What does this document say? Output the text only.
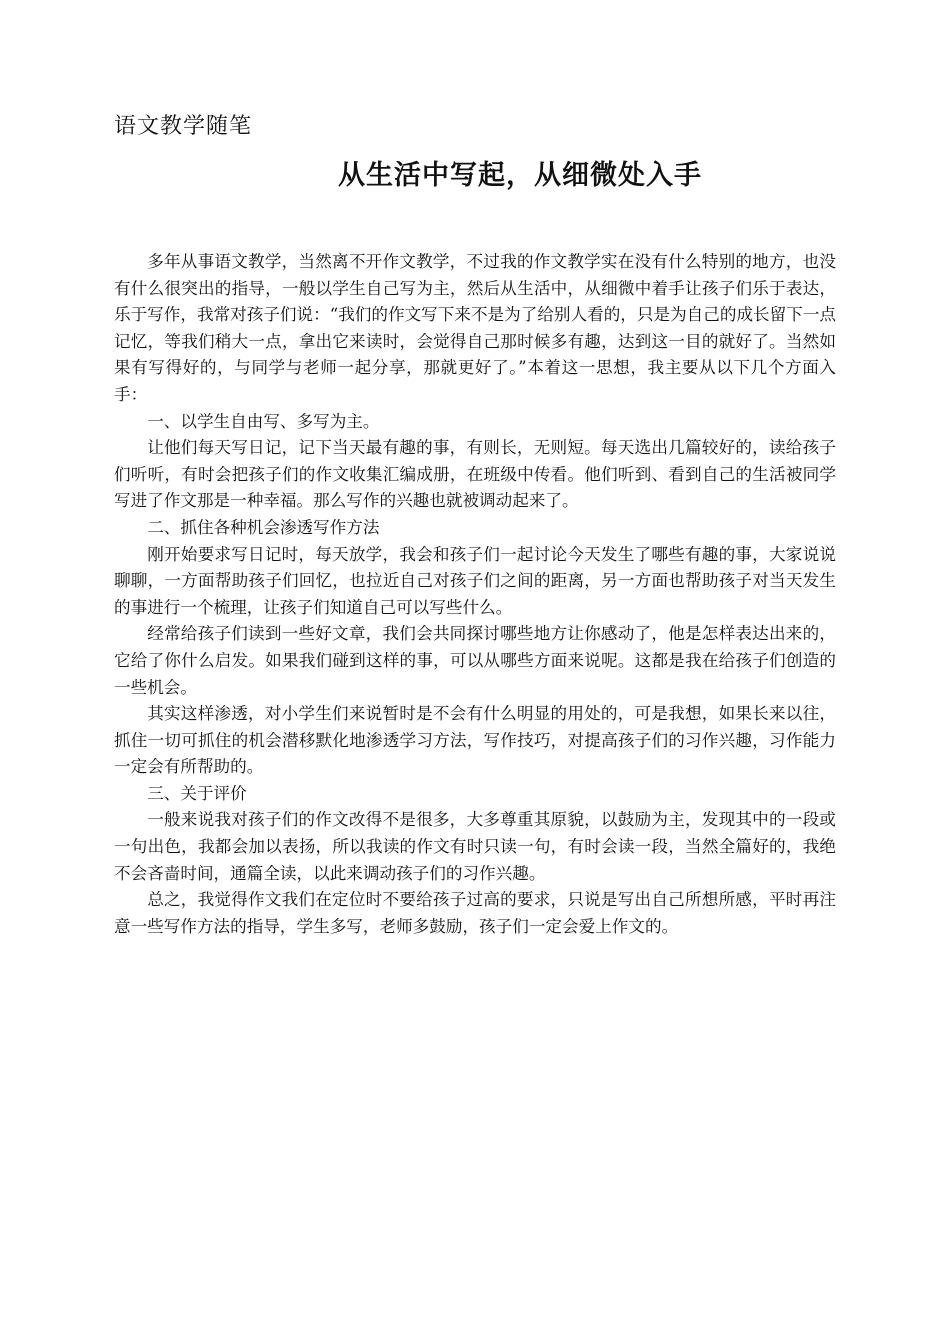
语文教学随笔
从生活中写起，从细微处入手

多年从事语文教学，当然离不开作文教学，不过我的作文教学实在没有什么特别的地方，也没有什么很突出的指导，一般以学生自己写为主，然后从生活中，从细微中着手让孩子们乐于表达，乐于写作，我常对孩子们说：“我们的作文写下来不是为了给别人看的，只是为自己的成长留下一点记忆，等我们稍大一点，拿出它来读时，会觉得自己那时候多有趣，达到这一目的就好了。当然如果有写得好的，与同学与老师一起分享，那就更好了。”本着这一思想，我主要从以下几个方面入手：

一、以学生自由写、多写为主。

让他们每天写日记，记下当天最有趣的事，有则长，无则短。每天选出几篇较好的，读给孩子们听听，有时会把孩子们的作文收集汇编成册，在班级中传看。他们听到、看到自己的生活被同学写进了作文那是一种幸福。那么写作的兴趣也就被调动起来了。

二、抓住各种机会渗透写作方法

刚开始要求写日记时，每天放学，我会和孩子们一起讨论今天发生了哪些有趣的事，大家说说聊聊，一方面帮助孩子们回忆，也拉近自己对孩子们之间的距离，另一方面也帮助孩子对当天发生的事进行一个梳理，让孩子们知道自己可以写些什么。

经常给孩子们读到一些好文章，我们会共同探讨哪些地方让你感动了，他是怎样表达出来的，它给了你什么启发。如果我们碰到这样的事，可以从哪些方面来说呢。这都是我在给孩子们创造的一些机会。

其实这样渗透，对小学生们来说暂时是不会有什么明显的用处的，可是我想，如果长来以往，抓住一切可抓住的机会潜移默化地渗透学习方法，写作技巧，对提高孩子们的习作兴趣，习作能力一定会有所帮助的。

三、关于评价

一般来说我对孩子们的作文改得不是很多，大多尊重其原貌，以鼓励为主，发现其中的一段或一句出色，我都会加以表扬，所以我读的作文有时只读一句，有时会读一段，当然全篇好的，我绝不会吝啬时间，通篇全读，以此来调动孩子们的习作兴趣。

总之，我觉得作文我们在定位时不要给孩子过高的要求，只说是写出自己所想所感，平时再注意一些写作方法的指导，学生多写，老师多鼓励，孩子们一定会爱上作文的。
